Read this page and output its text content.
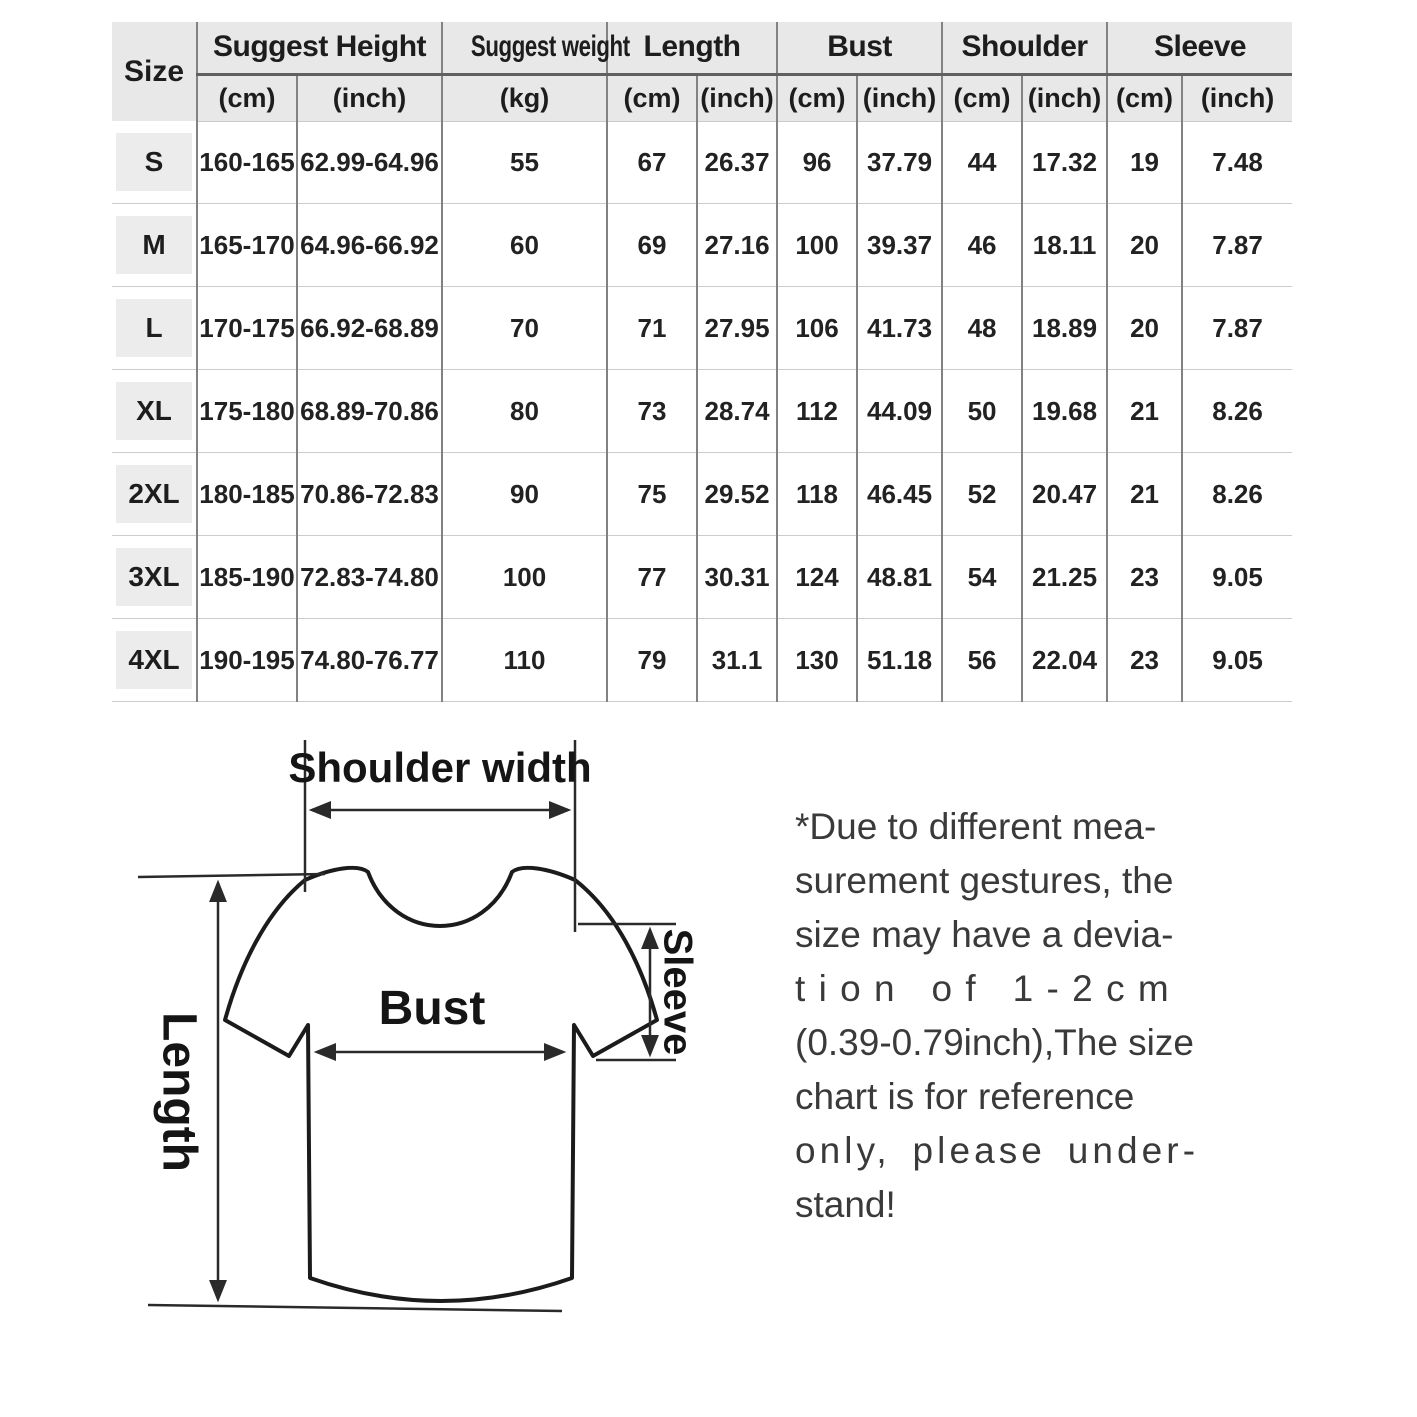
Size	Suggest Height		Suggest weight	Length		Bust		Shoulder		Sleeve	
	(cm)	(inch)	(kg)	(cm)	(inch)	(cm)	(inch)	(cm)	(inch)	(cm)	(inch)

S	160-165	62.99-64.96	55	67	26.37	96	37.79	44	17.32	19	7.48

M	165-170	64.96-66.92	60	69	27.16	100	39.37	46	18.11	20	7.87

L	170-175	66.92-68.89	70	71	27.95	106	41.73	48	18.89	20	7.87

XL	175-180	68.89-70.86	80	73	28.74	112	44.09	50	19.68	21	8.26

2XL	180-185	70.86-72.83	90	75	29.52	118	46.45	52	20.47	21	8.26

3XL	185-190	72.83-74.80	100	77	30.31	124	48.81	54	21.25	23	9.05

4XL	190-195	74.80-76.77	110	79	31.1	130	51.18	56	22.04	23	9.05
Shoulder width
Sleeve
Bust
Length
*Due to different mea-
surement gestures, the
size may have a devia-
tion of 1-2cm
(0.39-0.79inch),The size
chart is for reference
only, please under-
stand!
